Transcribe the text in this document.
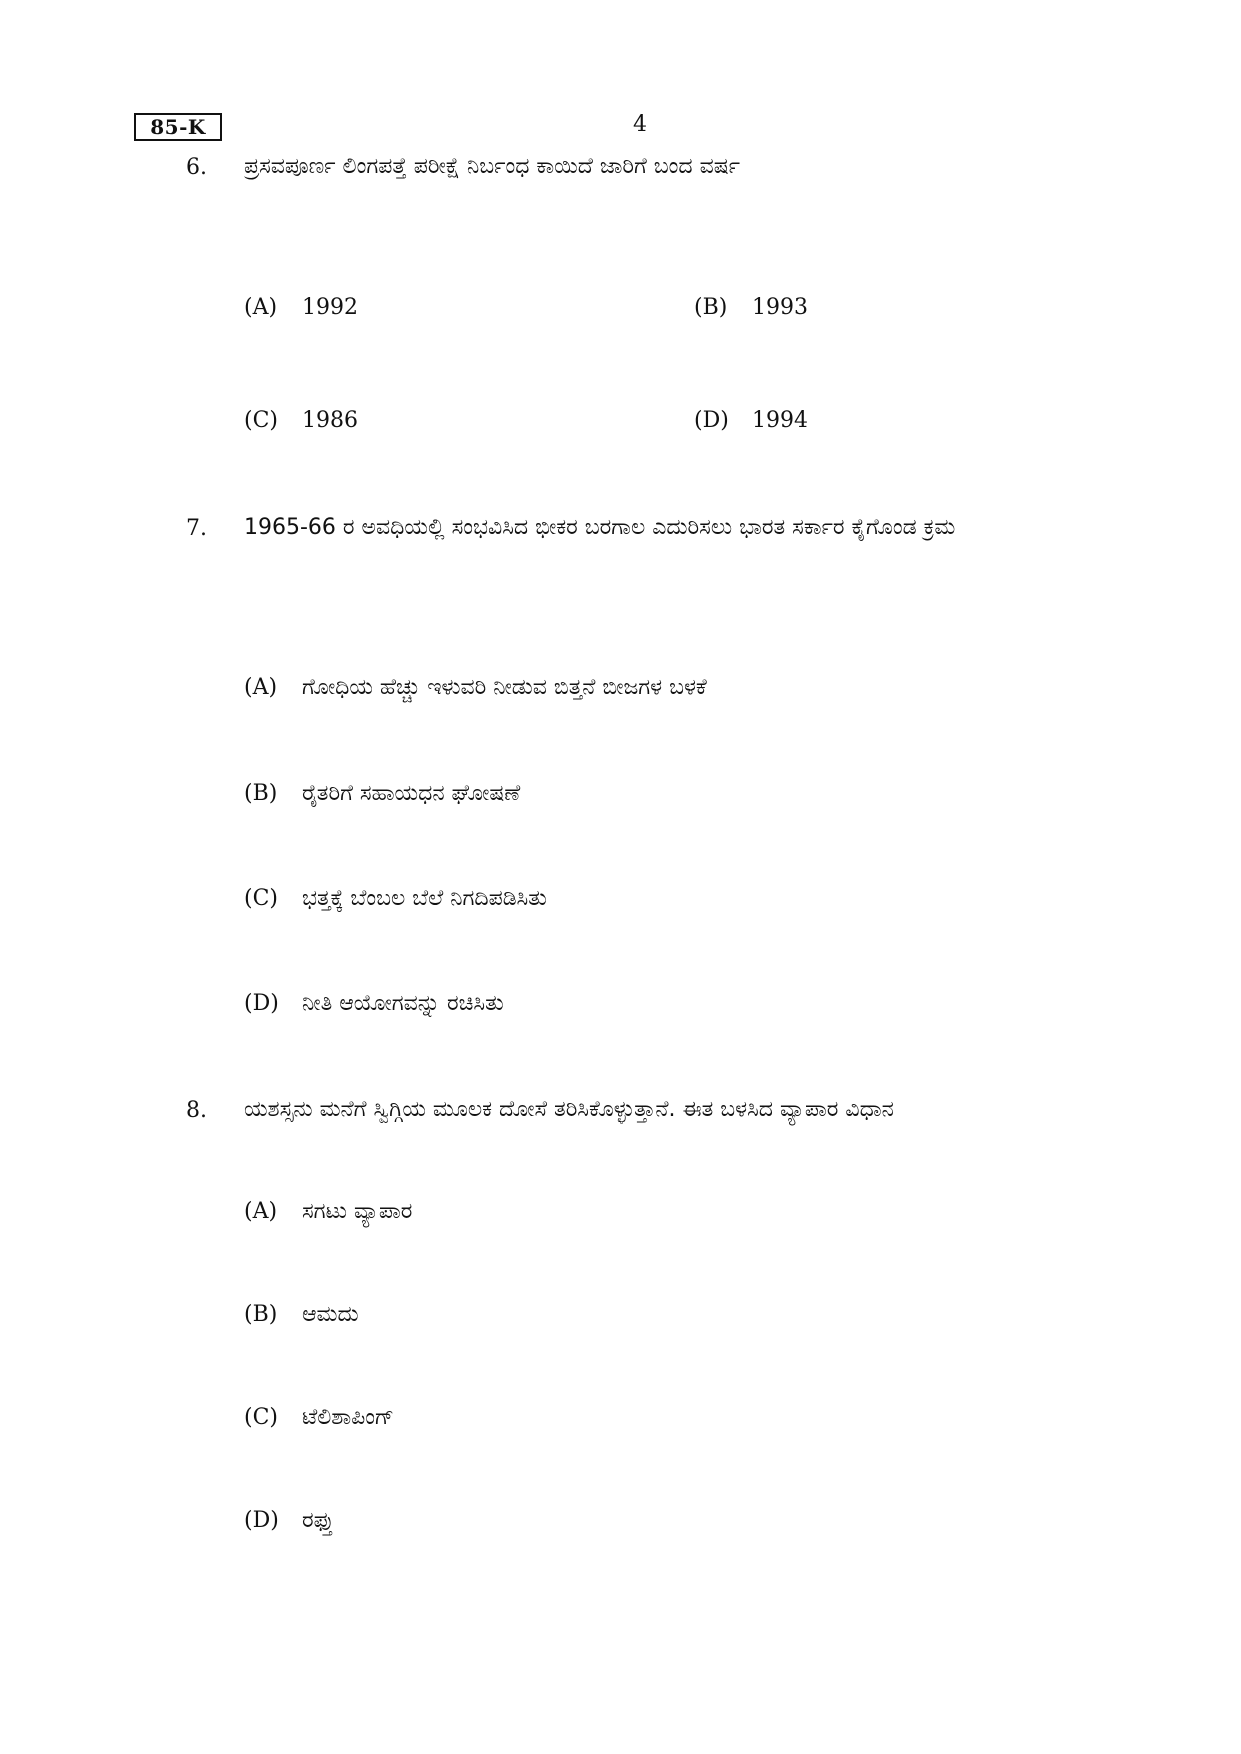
85-K	4
6. ಪ್ರಸವಪೂರ್ಣ ಲಿಂಗಪತ್ತೆ ಪರೀಕ್ಷೆ ನಿರ್ಬಂಧ ಕಾಯಿದೆ ಜಾರಿಗೆ ಬಂದ ವರ್ಷ
(A) 1992	(B) 1993
(C) 1986	(D) 1994
7. 1965-66 ರ ಅವಧಿಯಲ್ಲಿ ಸಂಭವಿಸಿದ ಭೀಕರ ಬರಗಾಲ ಎದುರಿಸಲು ಭಾರತ ಸರ್ಕಾರ ಕೈಗೊಂಡ ಕ್ರಮ
(A) ಗೋಧಿಯ ಹೆಚ್ಚು ಇಳುವರಿ ನೀಡುವ ಬಿತ್ತನೆ ಬೀಜಗಳ ಬಳಕೆ
(B) ರೈತರಿಗೆ ಸಹಾಯಧನ ಘೋಷಣೆ
(C) ಭತ್ತಕ್ಕೆ ಬೆಂಬಲ ಬೆಲೆ ನಿಗದಿಪಡಿಸಿತು
(D) ನೀತಿ ಆಯೋಗವನ್ನು ರಚಿಸಿತು
8. ಯಶಸ್ಸನು ಮನೆಗೆ ಸ್ವಿಗ್ಗಿಯ ಮೂಲಕ ದೋಸೆ ತರಿಸಿಕೊಳ್ಳುತ್ತಾನೆ. ಈತ ಬಳಸಿದ ವ್ಯಾಪಾರ ವಿಧಾನ
(A) ಸಗಟು ವ್ಯಾಪಾರ
(B) ಆಮದು
(C) ಟೆಲಿಶಾಪಿಂಗ್
(D) ರಫ್ತು
